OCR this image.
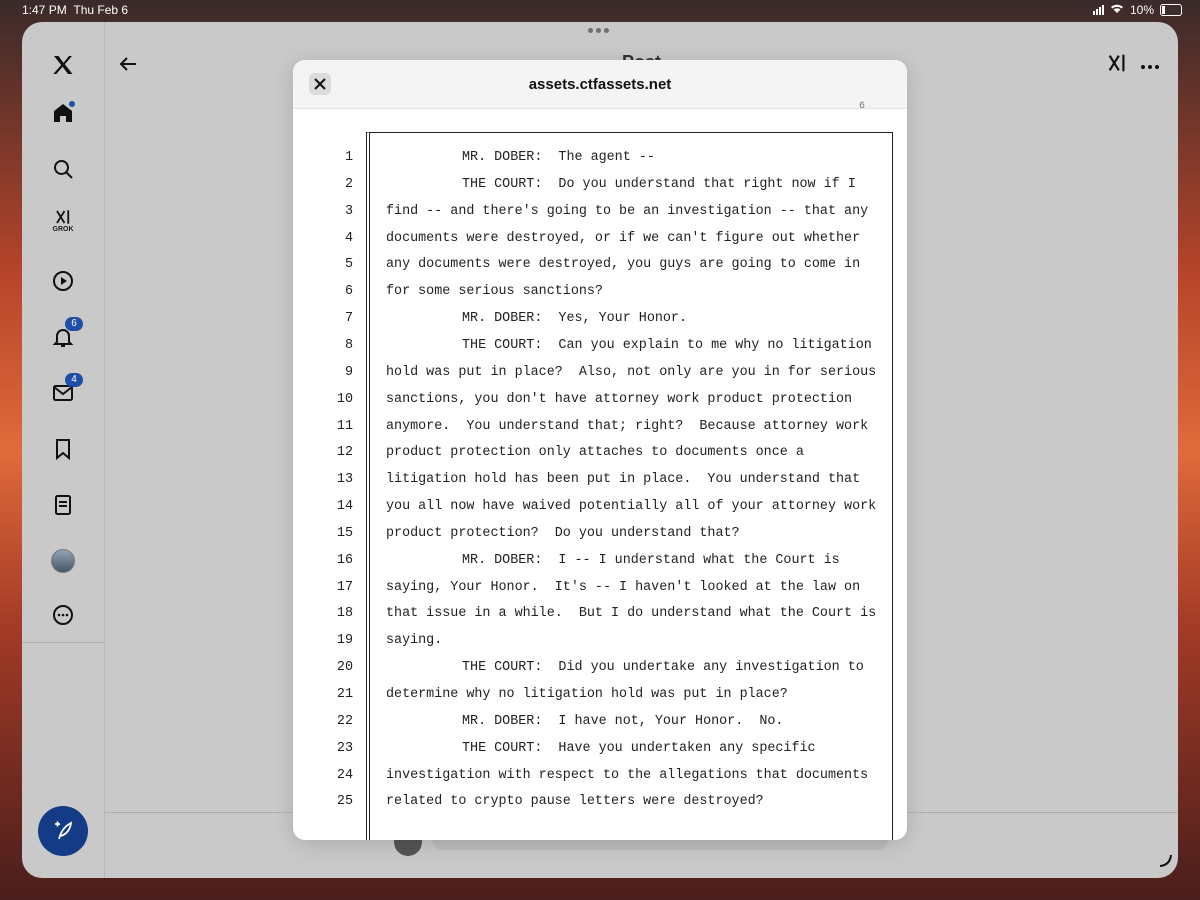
1:47 PM Thu Feb 6	10%
GROK
6
4
assets.ctfassets.net
6
1	MR. DOBER:  The agent --
2	THE COURT:  Do you understand that right now if I
3 find -- and there's going to be an investigation -- that any
4 documents were destroyed, or if we can't figure out whether
5 any documents were destroyed, you guys are going to come in
6 for some serious sanctions?
7	MR. DOBER:  Yes, Your Honor.
8	THE COURT:  Can you explain to me why no litigation
9 hold was put in place?  Also, not only are you in for serious
10 sanctions, you don't have attorney work product protection
11 anymore.  You understand that; right?  Because attorney work
12 product protection only attaches to documents once a
13 litigation hold has been put in place.  You understand that
14 you all now have waived potentially all of your attorney work
15 product protection?  Do you understand that?
16	MR. DOBER:  I -- I understand what the Court is
17 saying, Your Honor.  It's -- I haven't looked at the law on
18 that issue in a while.  But I do understand what the Court is
19 saying.
20	THE COURT:  Did you undertake any investigation to
21 determine why no litigation hold was put in place?
22	MR. DOBER:  I have not, Your Honor.  No.
23	THE COURT:  Have you undertaken any specific
24 investigation with respect to the allegations that documents
25 related to crypto pause letters were destroyed?
